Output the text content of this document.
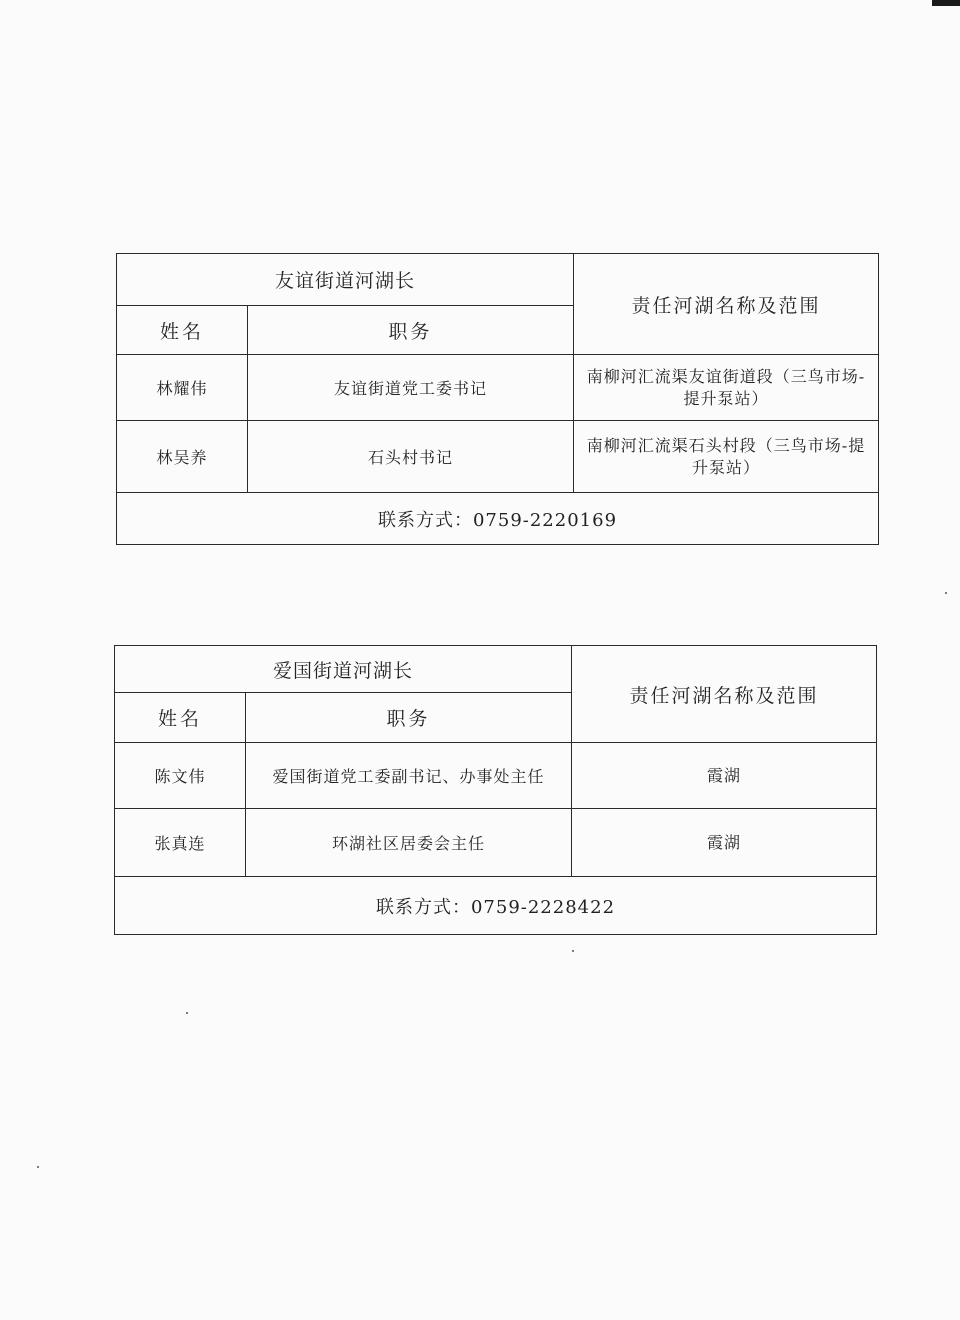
友谊街道河湖长		责任河湖名称及范围
姓名	职务	
林耀伟	友谊街道党工委书记	南柳河汇流渠友谊街道段（三鸟市场-提升泵站）
林吴养	石头村书记	南柳河汇流渠石头村段（三鸟市场-提升泵站）
联系方式：0759-2220169		
爱国街道河湖长		责任河湖名称及范围
姓名	职务	
陈文伟	爱国街道党工委副书记、办事处主任	霞湖
张真连	环湖社区居委会主任	霞湖
联系方式：0759-2228422		
